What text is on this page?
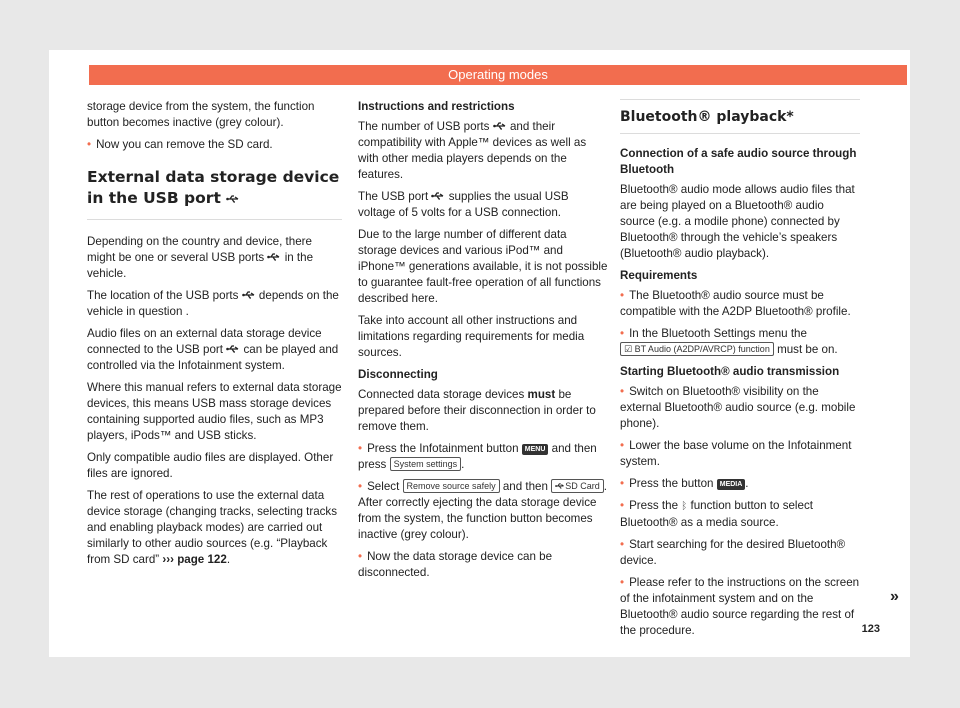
Operating modes

storage device from the system, the function button becomes inactive (grey colour).

• Now you can remove the SD card.

External data storage device in the USB port

Depending on the country and device, there might be one or several USB ports in the vehicle.

The location of the USB ports depends on the vehicle in question .

Audio files on an external data storage device connected to the USB port can be played and controlled via the Infotainment system.

Where this manual refers to external data storage devices, this means USB mass storage devices containing supported audio files, such as MP3 players, iPods™ and USB sticks.

Only compatible audio files are displayed. Other files are ignored.

The rest of operations to use the external data device storage (changing tracks, selecting tracks and enabling playback modes) are carried out similarly to other audio sources (e.g. “Playback from SD card” ››› page 122.

Instructions and restrictions

The number of USB ports and their compatibility with Apple™ devices as well as with other media players depends on the features.

The USB port supplies the usual USB voltage of 5 volts for a USB connection.

Due to the large number of different data storage devices and various iPod™ and iPhone™ generations available, it is not possible to guarantee fault-free operation of all functions described here.

Take into account all other instructions and limitations regarding requirements for media sources.

Disconnecting

Connected data storage devices must be prepared before their disconnection in order to remove them.

• Press the Infotainment button MENU and then press System settings .

• Select Remove source safely and then SD Card . After correctly ejecting the data storage device from the system, the function button becomes inactive (grey colour).

• Now the data storage device can be disconnected.

Bluetooth® playback*

Connection of a safe audio source through Bluetooth

Bluetooth® audio mode allows audio files that are being played on a Bluetooth® audio source (e.g. a modile phone) connected by Bluetooth® through the vehicle’s speakers (Bluetooth® audio playback).

Requirements

• The Bluetooth® audio source must be compatible with the A2DP Bluetooth® profile.

• In the Bluetooth Settings menu the ☑ BT Audio (A2DP/AVRCP) function must be on.

Starting Bluetooth® audio transmission

• Switch on Bluetooth® visibility on the external Bluetooth® audio source (e.g. mobile phone).

• Lower the base volume on the Infotainment system.

• Press the button MEDIA .

• Press the ᛒ function button to select Bluetooth® as a media source.

• Start searching for the desired Bluetooth® device.

• Please refer to the instructions on the screen of the infotainment system and on the Bluetooth® audio source regarding the rest of the procedure.

»
123
